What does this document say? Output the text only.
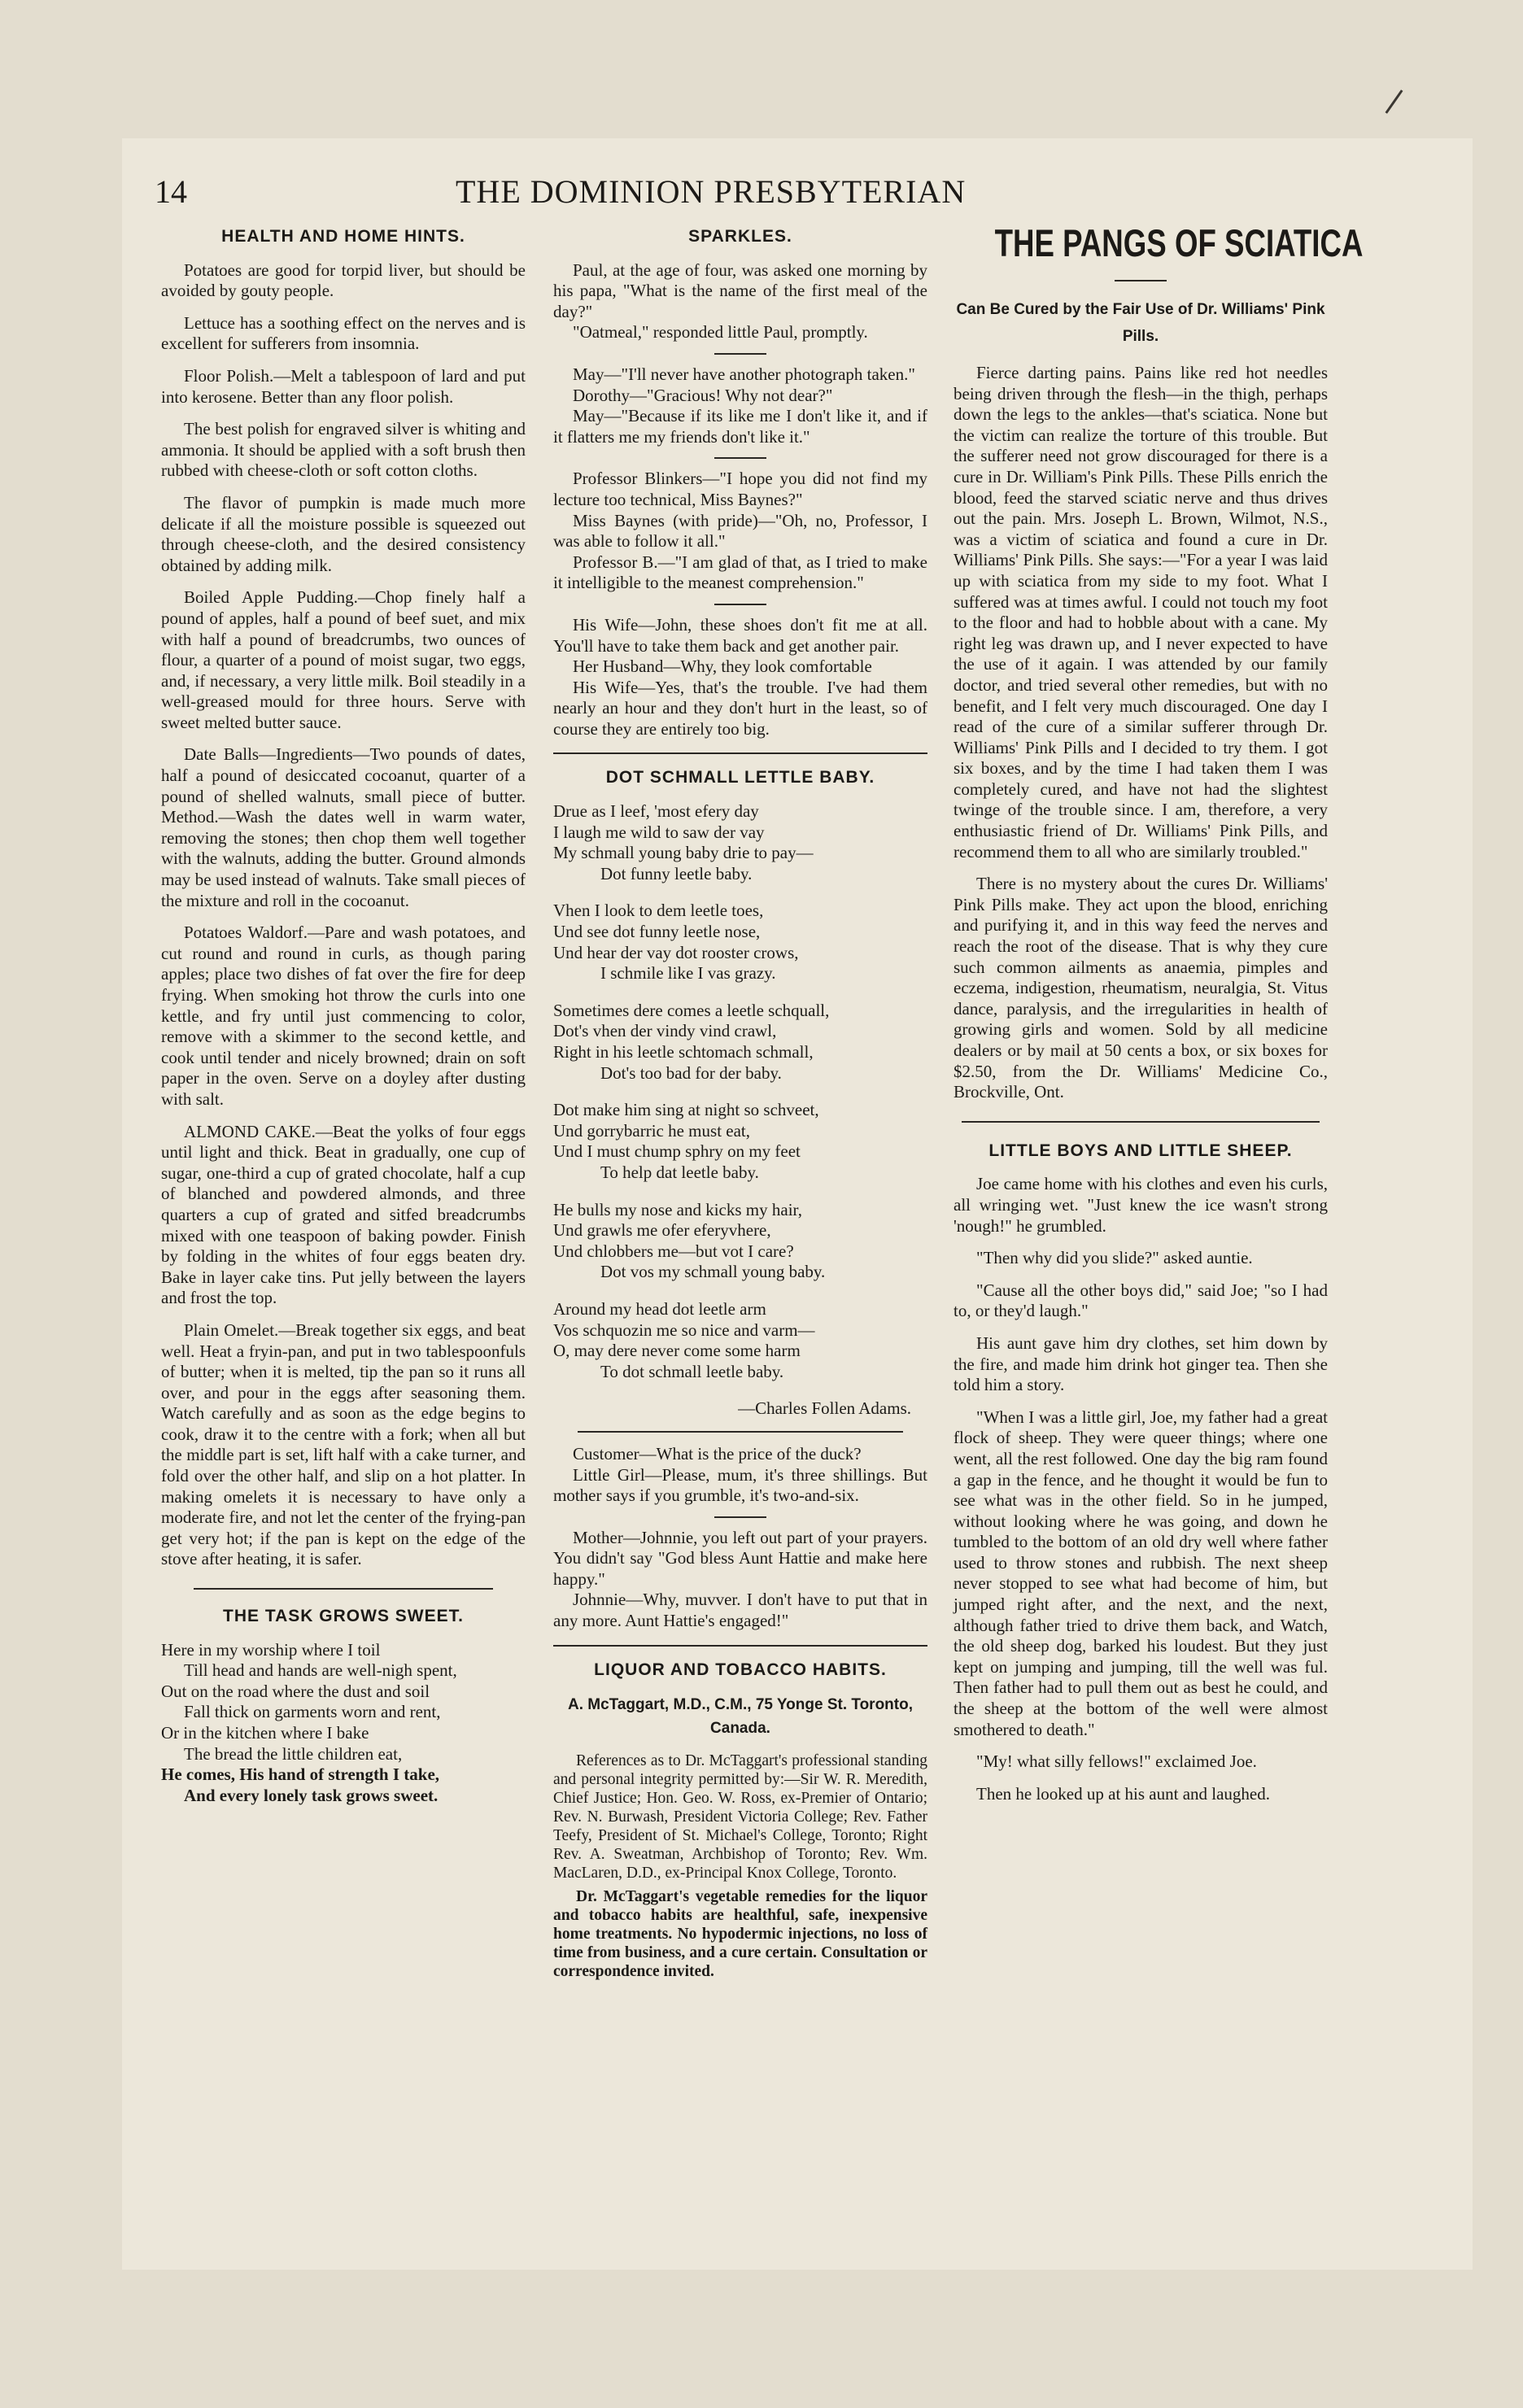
14	THE DOMINION PRESBYTERIAN
HEALTH AND HOME HINTS.
Potatoes are good for torpid liver, but should be avoided by gouty people.
Lettuce has a soothing effect on the nerves and is excellent for sufferers from insomnia.
Floor Polish.—Melt a tablespoon of lard and put into kerosene. Better than any floor polish.
The best polish for engraved silver is whiting and ammonia. It should be applied with a soft brush then rubbed with cheese-cloth or soft cotton cloths.
The flavor of pumpkin is made much more delicate if all the moisture possible is squeezed out through cheese-cloth, and the desired consistency obtained by adding milk.
Boiled Apple Pudding.—Chop finely half a pound of apples, half a pound of beef suet, and mix with half a pound of breadcrumbs, two ounces of flour, a quarter of a pound of moist sugar, two eggs, and, if necessary, a very little milk. Boil steadily in a well-greased mould for three hours. Serve with sweet melted butter sauce.
Date Balls—Ingredients—Two pounds of dates, half a pound of desiccated cocoanut, quarter of a pound of shelled walnuts, small piece of butter. Method.—Wash the dates well in warm water, removing the stones; then chop them well together with the walnuts, adding the butter. Ground almonds may be used instead of walnuts. Take small pieces of the mixture and roll in the cocoanut.
Potatoes Waldorf.—Pare and wash potatoes, and cut round and round in curls, as though paring apples; place two dishes of fat over the fire for deep frying. When smoking hot throw the curls into one kettle, and fry until just commencing to color, remove with a skimmer to the second kettle, and cook until tender and nicely browned; drain on soft paper in the oven. Serve on a doyley after dusting with salt.
ALMOND CAKE.—Beat the yolks of four eggs until light and thick. Beat in gradually, one cup of sugar, one-third a cup of grated chocolate, half a cup of blanched and powdered almonds, and three quarters a cup of grated and sitfed breadcrumbs mixed with one teaspoon of baking powder. Finish by folding in the whites of four eggs beaten dry. Bake in layer cake tins. Put jelly between the layers and frost the top.
Plain Omelet.—Break together six eggs, and beat well. Heat a fryin-pan, and put in two tablespoonfuls of butter; when it is melted, tip the pan so it runs all over, and pour in the eggs after seasoning them. Watch carefully and as soon as the edge begins to cook, draw it to the centre with a fork; when all but the middle part is set, lift half with a cake turner, and fold over the other half, and slip on a hot platter. In making omelets it is necessary to have only a moderate fire, and not let the center of the frying-pan get very hot; if the pan is kept on the edge of the stove after heating, it is safer.
THE TASK GROWS SWEET.
Here in my worship where I toil
Till head and hands are well-nigh spent,
Out on the road where the dust and soil
Fall thick on garments worn and rent,
Or in the kitchen where I bake
The bread the little children eat,
He comes, His hand of strength I take,
And every lonely task grows sweet.
SPARKLES.
Paul, at the age of four, was asked one morning by his papa, "What is the name of the first meal of the day?"
"Oatmeal," responded little Paul, promptly.
May—"I'll never have another photograph taken."
Dorothy—"Gracious! Why not dear?"
May—"Because if its like me I don't like it, and if it flatters me my friends don't like it."
Professor Blinkers—"I hope you did not find my lecture too technical, Miss Baynes?"
Miss Baynes (with pride)—"Oh, no, Professor, I was able to follow it all."
Professor B.—"I am glad of that, as I tried to make it intelligible to the meanest comprehension."
His Wife—John, these shoes don't fit me at all. You'll have to take them back and get another pair.
Her Husband—Why, they look comfortable
His Wife—Yes, that's the trouble. I've had them nearly an hour and they don't hurt in the least, so of course they are entirely too big.
DOT SCHMALL LETTLE BABY.
Drue as I leef, 'most efery day
I laugh me wild to saw der vay
My schmall young baby drie to pay—
Dot funny leetle baby.
Vhen I look to dem leetle toes,
Und see dot funny leetle nose,
Und hear der vay dot rooster crows,
I schmile like I vas grazy.
Sometimes dere comes a leetle schquall,
Dot's vhen der vindy vind crawl,
Right in his leetle schtomach schmall,
Dot's too bad for der baby.
Dot make him sing at night so schveet,
Und gorrybarric he must eat,
Und I must chump sphry on my feet
To help dat leetle baby.
He bulls my nose and kicks my hair,
Und grawls me ofer eferyvhere,
Und chlobbers me—but vot I care?
Dot vos my schmall young baby.
Around my head dot leetle arm
Vos schquozin me so nice and varm—
O, may dere never come some harm
To dot schmall leetle baby.
—Charles Follen Adams.
Customer—What is the price of the duck?
Little Girl—Please, mum, it's three shillings. But mother says if you grumble, it's two-and-six.
Mother—Johnnie, you left out part of your prayers. You didn't say "God bless Aunt Hattie and make here happy."
Johnnie—Why, muvver. I don't have to put that in any more. Aunt Hattie's engaged!"
LIQUOR AND TOBACCO HABITS.
A. McTaggart, M.D., C.M., 75 Yonge St. Toronto, Canada.
References as to Dr. McTaggart's professional standing and personal integrity permitted by:—Sir W. R. Meredith, Chief Justice; Hon. Geo. W. Ross, ex-Premier of Ontario; Rev. N. Burwash, President Victoria College; Rev. Father Teefy, President of St. Michael's College, Toronto; Right Rev. A. Sweatman, Archbishop of Toronto; Rev. Wm. MacLaren, D.D., ex-Principal Knox College, Toronto.
Dr. McTaggart's vegetable remedies for the liquor and tobacco habits are healthful, safe, inexpensive home treatments. No hypodermic injections, no loss of time from business, and a cure certain. Consultation or correspondence invited.
THE PANGS OF SCIATICA
Can Be Cured by the Fair Use of Dr. Williams' Pink Pills.
Fierce darting pains. Pains like red hot needles being driven through the flesh—in the thigh, perhaps down the legs to the ankles—that's sciatica. None but the victim can realize the torture of this trouble. But the sufferer need not grow discouraged for there is a cure in Dr. William's Pink Pills. These Pills enrich the blood, feed the starved sciatic nerve and thus drives out the pain. Mrs. Joseph L. Brown, Wilmot, N.S., was a victim of sciatica and found a cure in Dr. Williams' Pink Pills. She says:—"For a year I was laid up with sciatica from my side to my foot. What I suffered was at times awful. I could not touch my foot to the floor and had to hobble about with a cane. My right leg was drawn up, and I never expected to have the use of it again. I was attended by our family doctor, and tried several other remedies, but with no benefit, and I felt very much discouraged. One day I read of the cure of a similar sufferer through Dr. Williams' Pink Pills and I decided to try them. I got six boxes, and by the time I had taken them I was completely cured, and have not had the slightest twinge of the trouble since. I am, therefore, a very enthusiastic friend of Dr. Williams' Pink Pills, and recommend them to all who are similarly troubled."
There is no mystery about the cures Dr. Williams' Pink Pills make. They act upon the blood, enriching and purifying it, and in this way feed the nerves and reach the root of the disease. That is why they cure such common ailments as anaemia, pimples and eczema, indigestion, rheumatism, neuralgia, St. Vitus dance, paralysis, and the irregularities in health of growing girls and women. Sold by all medicine dealers or by mail at 50 cents a box, or six boxes for $2.50, from the Dr. Williams' Medicine Co., Brockville, Ont.
LITTLE BOYS AND LITTLE SHEEP.
Joe came home with his clothes and even his curls, all wringing wet. "Just knew the ice wasn't strong 'nough!" he grumbled.
"Then why did you slide?" asked auntie.
"Cause all the other boys did," said Joe; "so I had to, or they'd laugh."
His aunt gave him dry clothes, set him down by the fire, and made him drink hot ginger tea. Then she told him a story.
"When I was a little girl, Joe, my father had a great flock of sheep. They were queer things; where one went, all the rest followed. One day the big ram found a gap in the fence, and he thought it would be fun to see what was in the other field. So in he jumped, without looking where he was going, and down he tumbled to the bottom of an old dry well where father used to throw stones and rubbish. The next sheep never stopped to see what had become of him, but jumped right after, and the next, and the next, although father tried to drive them back, and Watch, the old sheep dog, barked his loudest. But they just kept on jumping and jumping, till the well was ful. Then father had to pull them out as best he could, and the sheep at the bottom of the well were almost smothered to death."
"My! what silly fellows!" exclaimed Joe.
Then he looked up at his aunt and laughed.
